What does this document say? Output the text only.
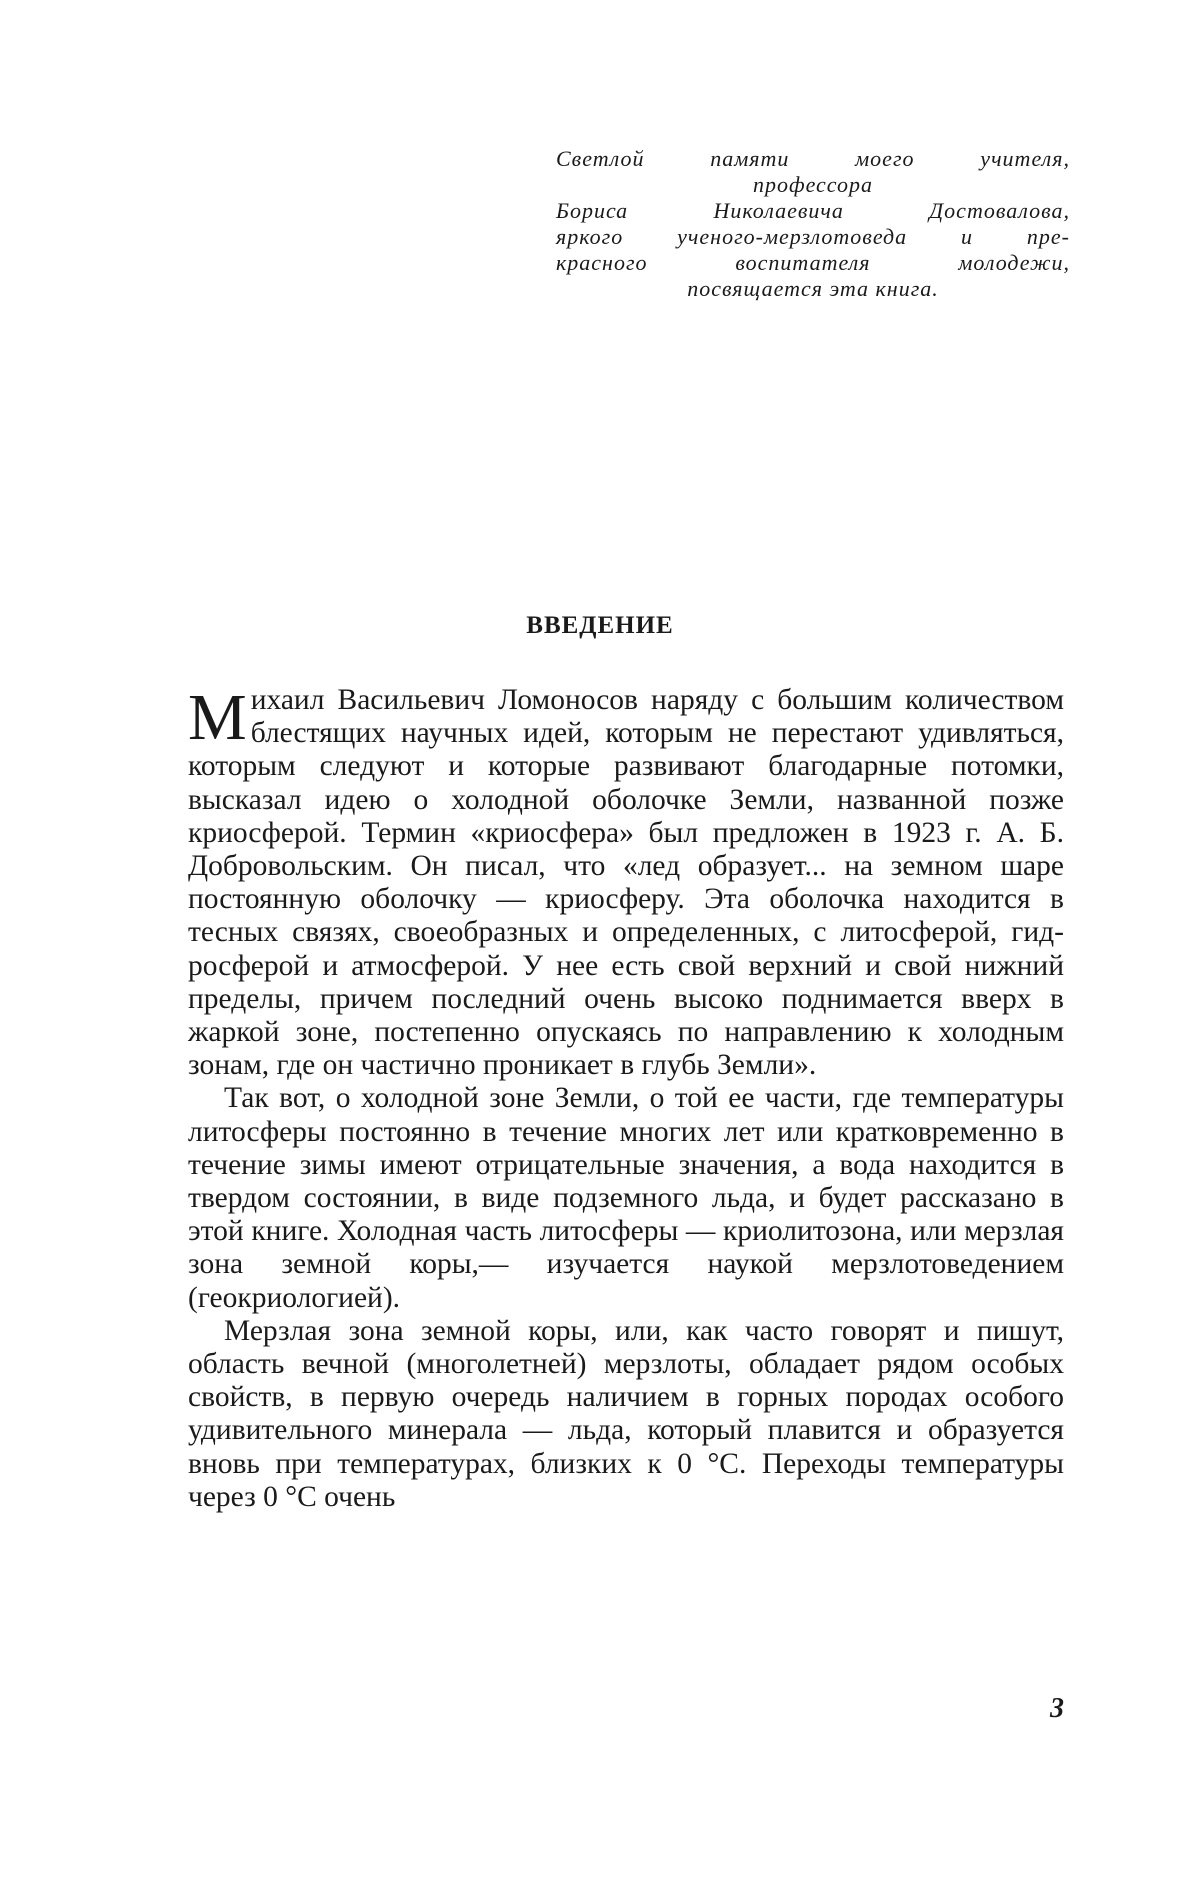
Светлой памяти моего учителя,
профессора
Бориса Николаевича Достовалова,
яркого ученого-мерзлотоведа и пре-
красного воспитателя молодежи,
посвящается эта книга.
ВВЕДЕНИЕ

М ихаил Васильевич Ломоносов наряду с большим ко­личеством блестящих научных идей, которым не перестают удивляться, которым следуют и которые разви­вают благодарные потомки, высказал идею о холодной обо­лочке Земли, названной позже криосферой. Термин «крио­сфера» был предложен в 1923 г. А. Б. Добровольским. Он писал, что «лед образует... на земном шаре постоянную оболочку — криосферу. Эта оболочка находится в тесных связях, своеобразных и определенных, с литосферой, гид­росферой и атмосферой. У нее есть свой верхний и свой нижний пределы, причем последний очень высоко подни­мается вверх в жаркой зоне, постепенно опускаясь по на­правлению к холодным зонам, где он частично проникает в глубь Земли».

Так вот, о холодной зоне Земли, о той ее части, где тем­пературы литосферы постоянно в течение многих лет или кратковременно в течение зимы имеют отрицательные зна­чения, а вода находится в твердом состоянии, в виде под­земного льда, и будет рассказано в этой книге. Холодная часть литосферы — криолитозона, или мерзлая зона земной коры,— изучается наукой мерзлотоведением (геокриоло­гией).

Мерзлая зона земной коры, или, как часто говорят и пишут, область вечной (многолетней) мерзлоты, обладает рядом особых свойств, в первую очередь наличием в гор­ных породах особого удивительного минерала — льда, ко­торый плавится и образуется вновь при температурах, близких к 0 °С. Переходы температуры через 0 °С очень

3
